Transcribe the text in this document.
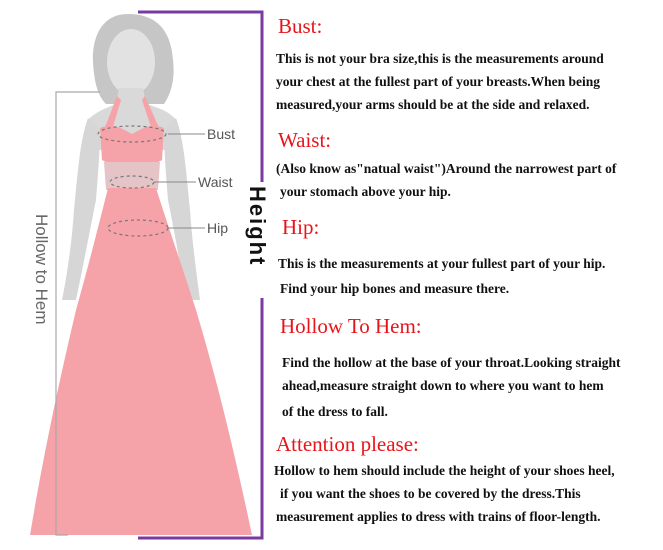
Bust
Waist
Hip
Hollow to Hem	Height
Bust:
This is not your bra size,this is the measurements around
your chest at the fullest part of your breasts.When being
measured,your arms should be at the side and relaxed.
Waist:
(Also know as"natual waist")Around the narrowest part of
your stomach above your hip.
Hip:
This is the measurements at your fullest part of your hip.
Find your hip bones and measure there.
Hollow To Hem:
Find the hollow at the base of your throat.Looking straight
ahead,measure straight down to where you want to hem
of the dress to fall.
Attention please:
Hollow to hem should include the height of your shoes heel,
if you want the shoes to be covered by the dress.This
measurement applies to dress with trains of floor-length.
